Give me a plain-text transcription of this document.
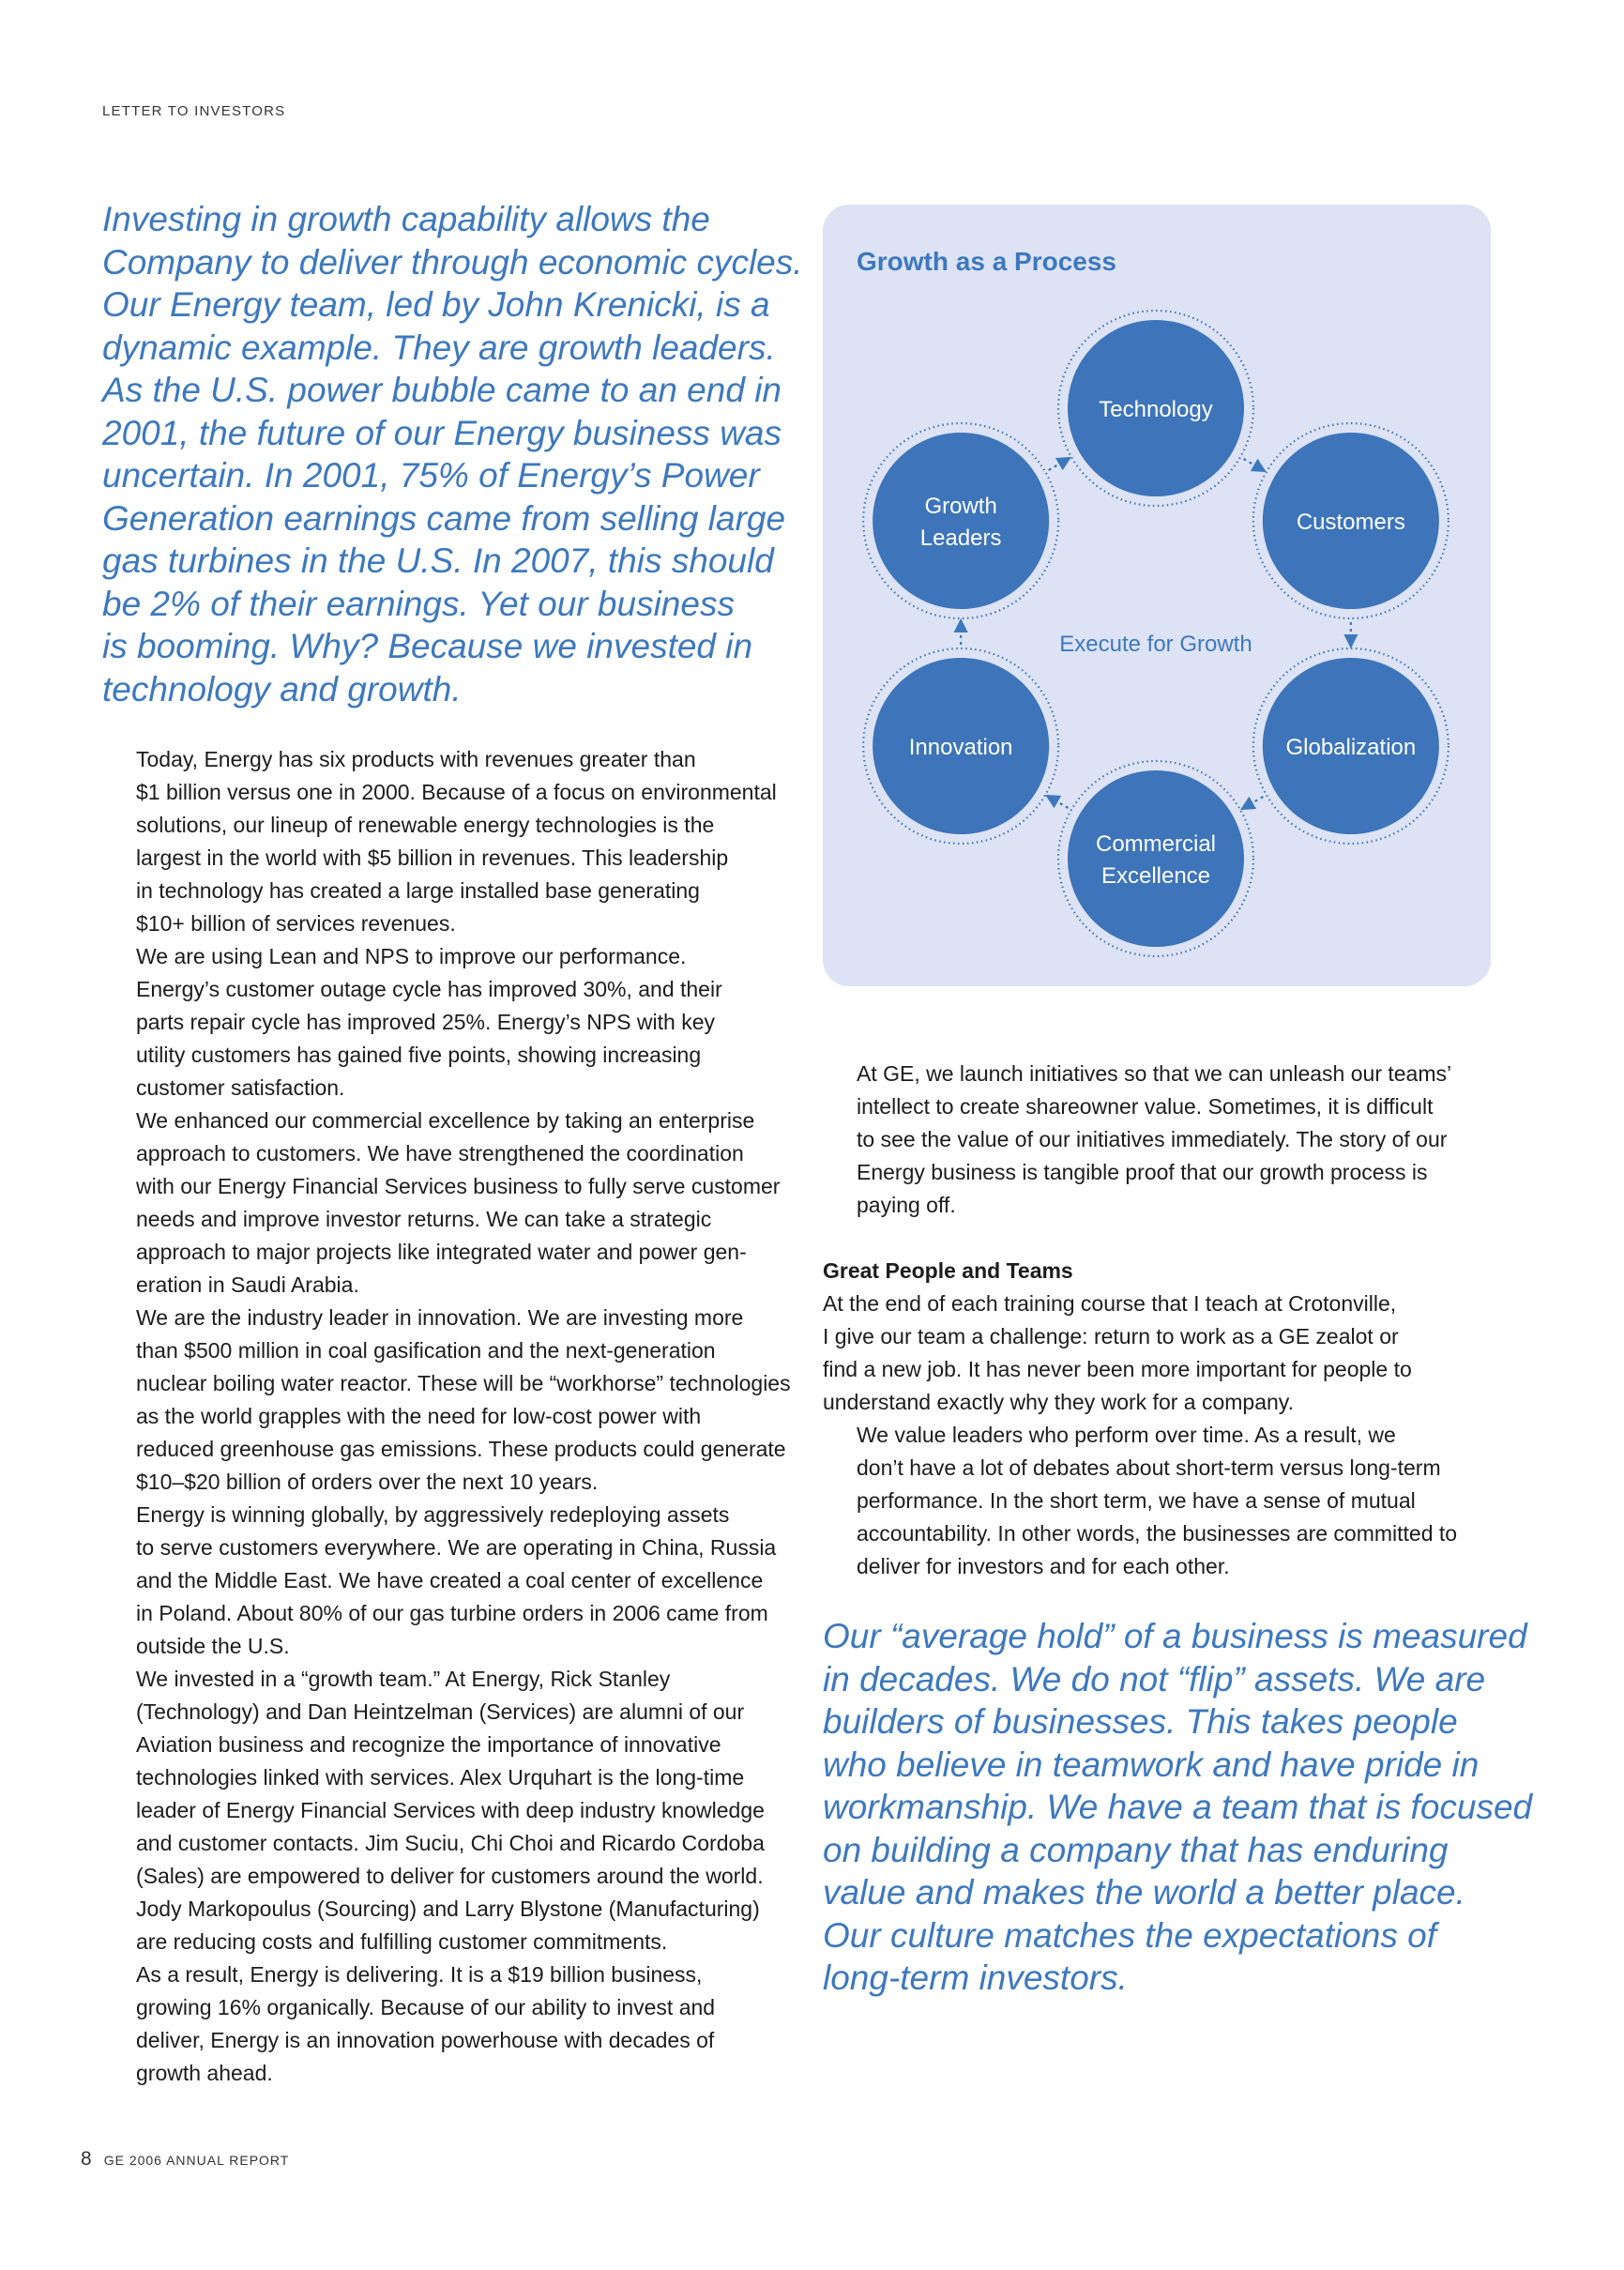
LETTER TO INVESTORS
Investing in growth capability allows the
Company to deliver through economic cycles.
Our Energy team, led by John Krenicki, is a
dynamic example. They are growth leaders.
As the U.S. power bubble came to an end in
2001, the future of our Energy business was
uncertain. In 2001, 75% of Energy’s Power
Generation earnings came from selling large
gas turbines in the U.S. In 2007, this should
be 2% of their earnings. Yet our business
is booming. Why? Because we invested in
technology and growth.

Today, Energy has six products with revenues greater than
$1 billion versus one in 2000. Because of a focus on environmental
solutions, our lineup of renewable energy technologies is the
largest in the world with $5 billion in revenues. This leadership
in technology has created a large installed base generating
$10+ billion of services revenues.

We are using Lean and NPS to improve our performance.
Energy’s customer outage cycle has improved 30%, and their
parts repair cycle has improved 25%. Energy’s NPS with key
utility customers has gained five points, showing increasing
customer satisfaction.

We enhanced our commercial excellence by taking an enterprise
approach to customers. We have strengthened the coordination
with our Energy Financial Services business to fully serve customer
needs and improve investor returns. We can take a strategic
approach to major projects like integrated water and power gen-
eration in Saudi Arabia.

We are the industry leader in innovation. We are investing more
than $500 million in coal gasification and the next-generation
nuclear boiling water reactor. These will be “workhorse” technologies
as the world grapples with the need for low-cost power with
reduced greenhouse gas emissions. These products could generate
$10–$20 billion of orders over the next 10 years.

Energy is winning globally, by aggressively redeploying assets
to serve customers everywhere. We are operating in China, Russia
and the Middle East. We have created a coal center of excellence
in Poland. About 80% of our gas turbine orders in 2006 came from
outside the U.S.

We invested in a “growth team.” At Energy, Rick Stanley
(Technology) and Dan Heintzelman (Services) are alumni of our
Aviation business and recognize the importance of innovative
technologies linked with services. Alex Urquhart is the long-time
leader of Energy Financial Services with deep industry knowledge
and customer contacts. Jim Suciu, Chi Choi and Ricardo Cordoba
(Sales) are empowered to deliver for customers around the world.
Jody Markopoulus (Sourcing) and Larry Blystone (Manufacturing)
are reducing costs and fulfilling customer commitments.

As a result, Energy is delivering. It is a $19 billion business,
growing 16% organically. Because of our ability to invest and
deliver, Energy is an innovation powerhouse with decades of
growth ahead.

Growth as a Process
Technology
Customers
Globalization
Commercial
Excellence
Innovation
Growth
Leaders
Execute for Growth

At GE, we launch initiatives so that we can unleash our teams’
intellect to create shareowner value. Sometimes, it is difficult
to see the value of our initiatives immediately. The story of our
Energy business is tangible proof that our growth process is
paying off.

Great People and Teams

At the end of each training course that I teach at Crotonville,
I give our team a challenge: return to work as a GE zealot or
find a new job. It has never been more important for people to
understand exactly why they work for a company.

We value leaders who perform over time. As a result, we
don’t have a lot of debates about short-term versus long-term
performance. In the short term, we have a sense of mutual
accountability. In other words, the businesses are committed to
deliver for investors and for each other.

Our “average hold” of a business is measured
in decades. We do not “flip” assets. We are
builders of businesses. This takes people
who believe in teamwork and have pride in
workmanship. We have a team that is focused
on building a company that has enduring
value and makes the world a better place.
Our culture matches the expectations of
long-term investors.
8 GE 2006 ANNUAL REPORT
